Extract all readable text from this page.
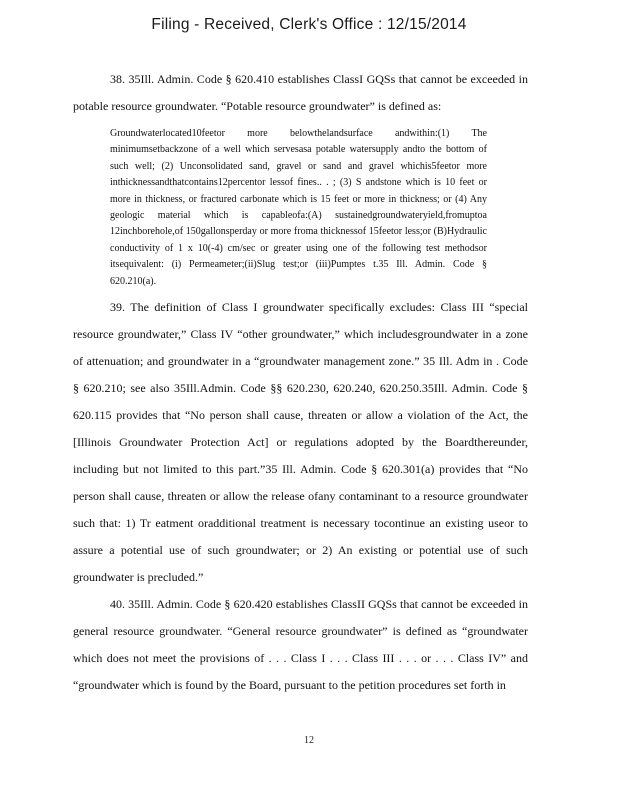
Filing - Received, Clerk's Office : 12/15/2014

38. 35Ill. Admin. Code § 620.410 establishes ClassI GQSs that cannot be exceeded in potable resource groundwater. “Potable resource groundwater” is defined as:

Groundwaterlocated10feetor more belowthelandsurface andwithin:(1) The minimumsetbackzone of a well which servesasa potable watersupply andto the bottom of such well; (2) Unconsolidated sand, gravel or sand and gravel whichis5feetor more inthicknessandthatcontains12percentor lessof fines.. . ; (3) S andstone which is 10 feet or more in thickness, or fractured carbonate which is 15 feet or more in thickness; or (4) Any geologic material which is capableofa:(A) sustainedgroundwateryield,fromuptoa 12inchborehole,of 150gallonsperday or more froma thicknessof 15feetor less;or (B)Hydraulic conductivity of 1 x 10(-4) cm/sec or greater using one of the following test methodsor itsequivalent: (i) Permeameter;(ii)Slug test;or (iii)Pumptes t.35 Ill. Admin. Code § 620.210(a).

39. The definition of Class I groundwater specifically excludes: Class III “special resource groundwater,” Class IV “other groundwater,” which includesgroundwater in a zone of attenuation; and groundwater in a “groundwater management zone.” 35 Ill. Adm in . Code § 620.210; see also 35Ill.Admin. Code §§ 620.230, 620.240, 620.250.35Ill. Admin. Code § 620.115 provides that “No person shall cause, threaten or allow a violation of the Act, the [Illinois Groundwater Protection Act] or regulations adopted by the Boardthereunder, including but not limited to this part.”35 Ill. Admin. Code § 620.301(a) provides that “No person shall cause, threaten or allow the release ofany contaminant to a resource groundwater such that: 1) Tr eatment oradditional treatment is necessary tocontinue an existing useor to assure a potential use of such groundwater; or 2) An existing or potential use of such groundwater is precluded.”

40. 35Ill. Admin. Code § 620.420 establishes ClassII GQSs that cannot be exceeded in general resource groundwater. “General resource groundwater” is defined as “groundwater which does not meet the provisions of . . . Class I . . . Class III . . . or . . . Class IV” and “groundwater which is found by the Board, pursuant to the petition procedures set forth in

12
